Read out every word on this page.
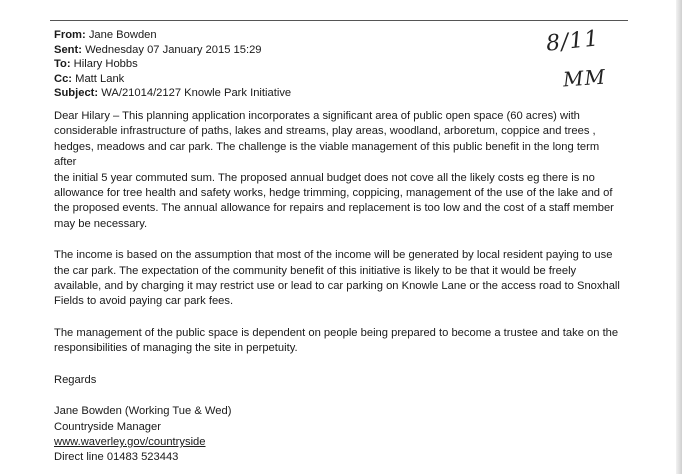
From: Jane Bowden
Sent: Wednesday 07 January 2015 15:29
To: Hilary Hobbs
Cc: Matt Lank
Subject: WA/21014/2127 Knowle Park Initiative
8/11
MM
Dear Hilary – This planning application incorporates a significant area of public open space (60 acres) with
considerable infrastructure of paths, lakes and streams, play areas, woodland, arboretum, coppice and trees ,
hedges, meadows and car park. The challenge is the viable management of this public benefit in the long term after
the initial 5 year commuted sum. The proposed annual budget does not cove all the likely costs eg there is no
allowance for tree health and safety works, hedge trimming, coppicing, management of the use of the lake and of
the proposed events. The annual allowance for repairs and replacement is too low and the cost of a staff member
may be necessary.
The income is based on the assumption that most of the income will be generated by local resident paying to use
the car park. The expectation of the community benefit of this initiative is likely to be that it would be freely
available, and by charging it may restrict use or lead to car parking on Knowle Lane or the access road to Snoxhall
Fields to avoid paying car park fees.
The management of the public space is dependent on people being prepared to become a trustee and take on the
responsibilities of managing the site in perpetuity.
Regards
Jane Bowden (Working Tue & Wed)
Countryside Manager
www.waverley.gov/countryside
Direct line 01483 523443
